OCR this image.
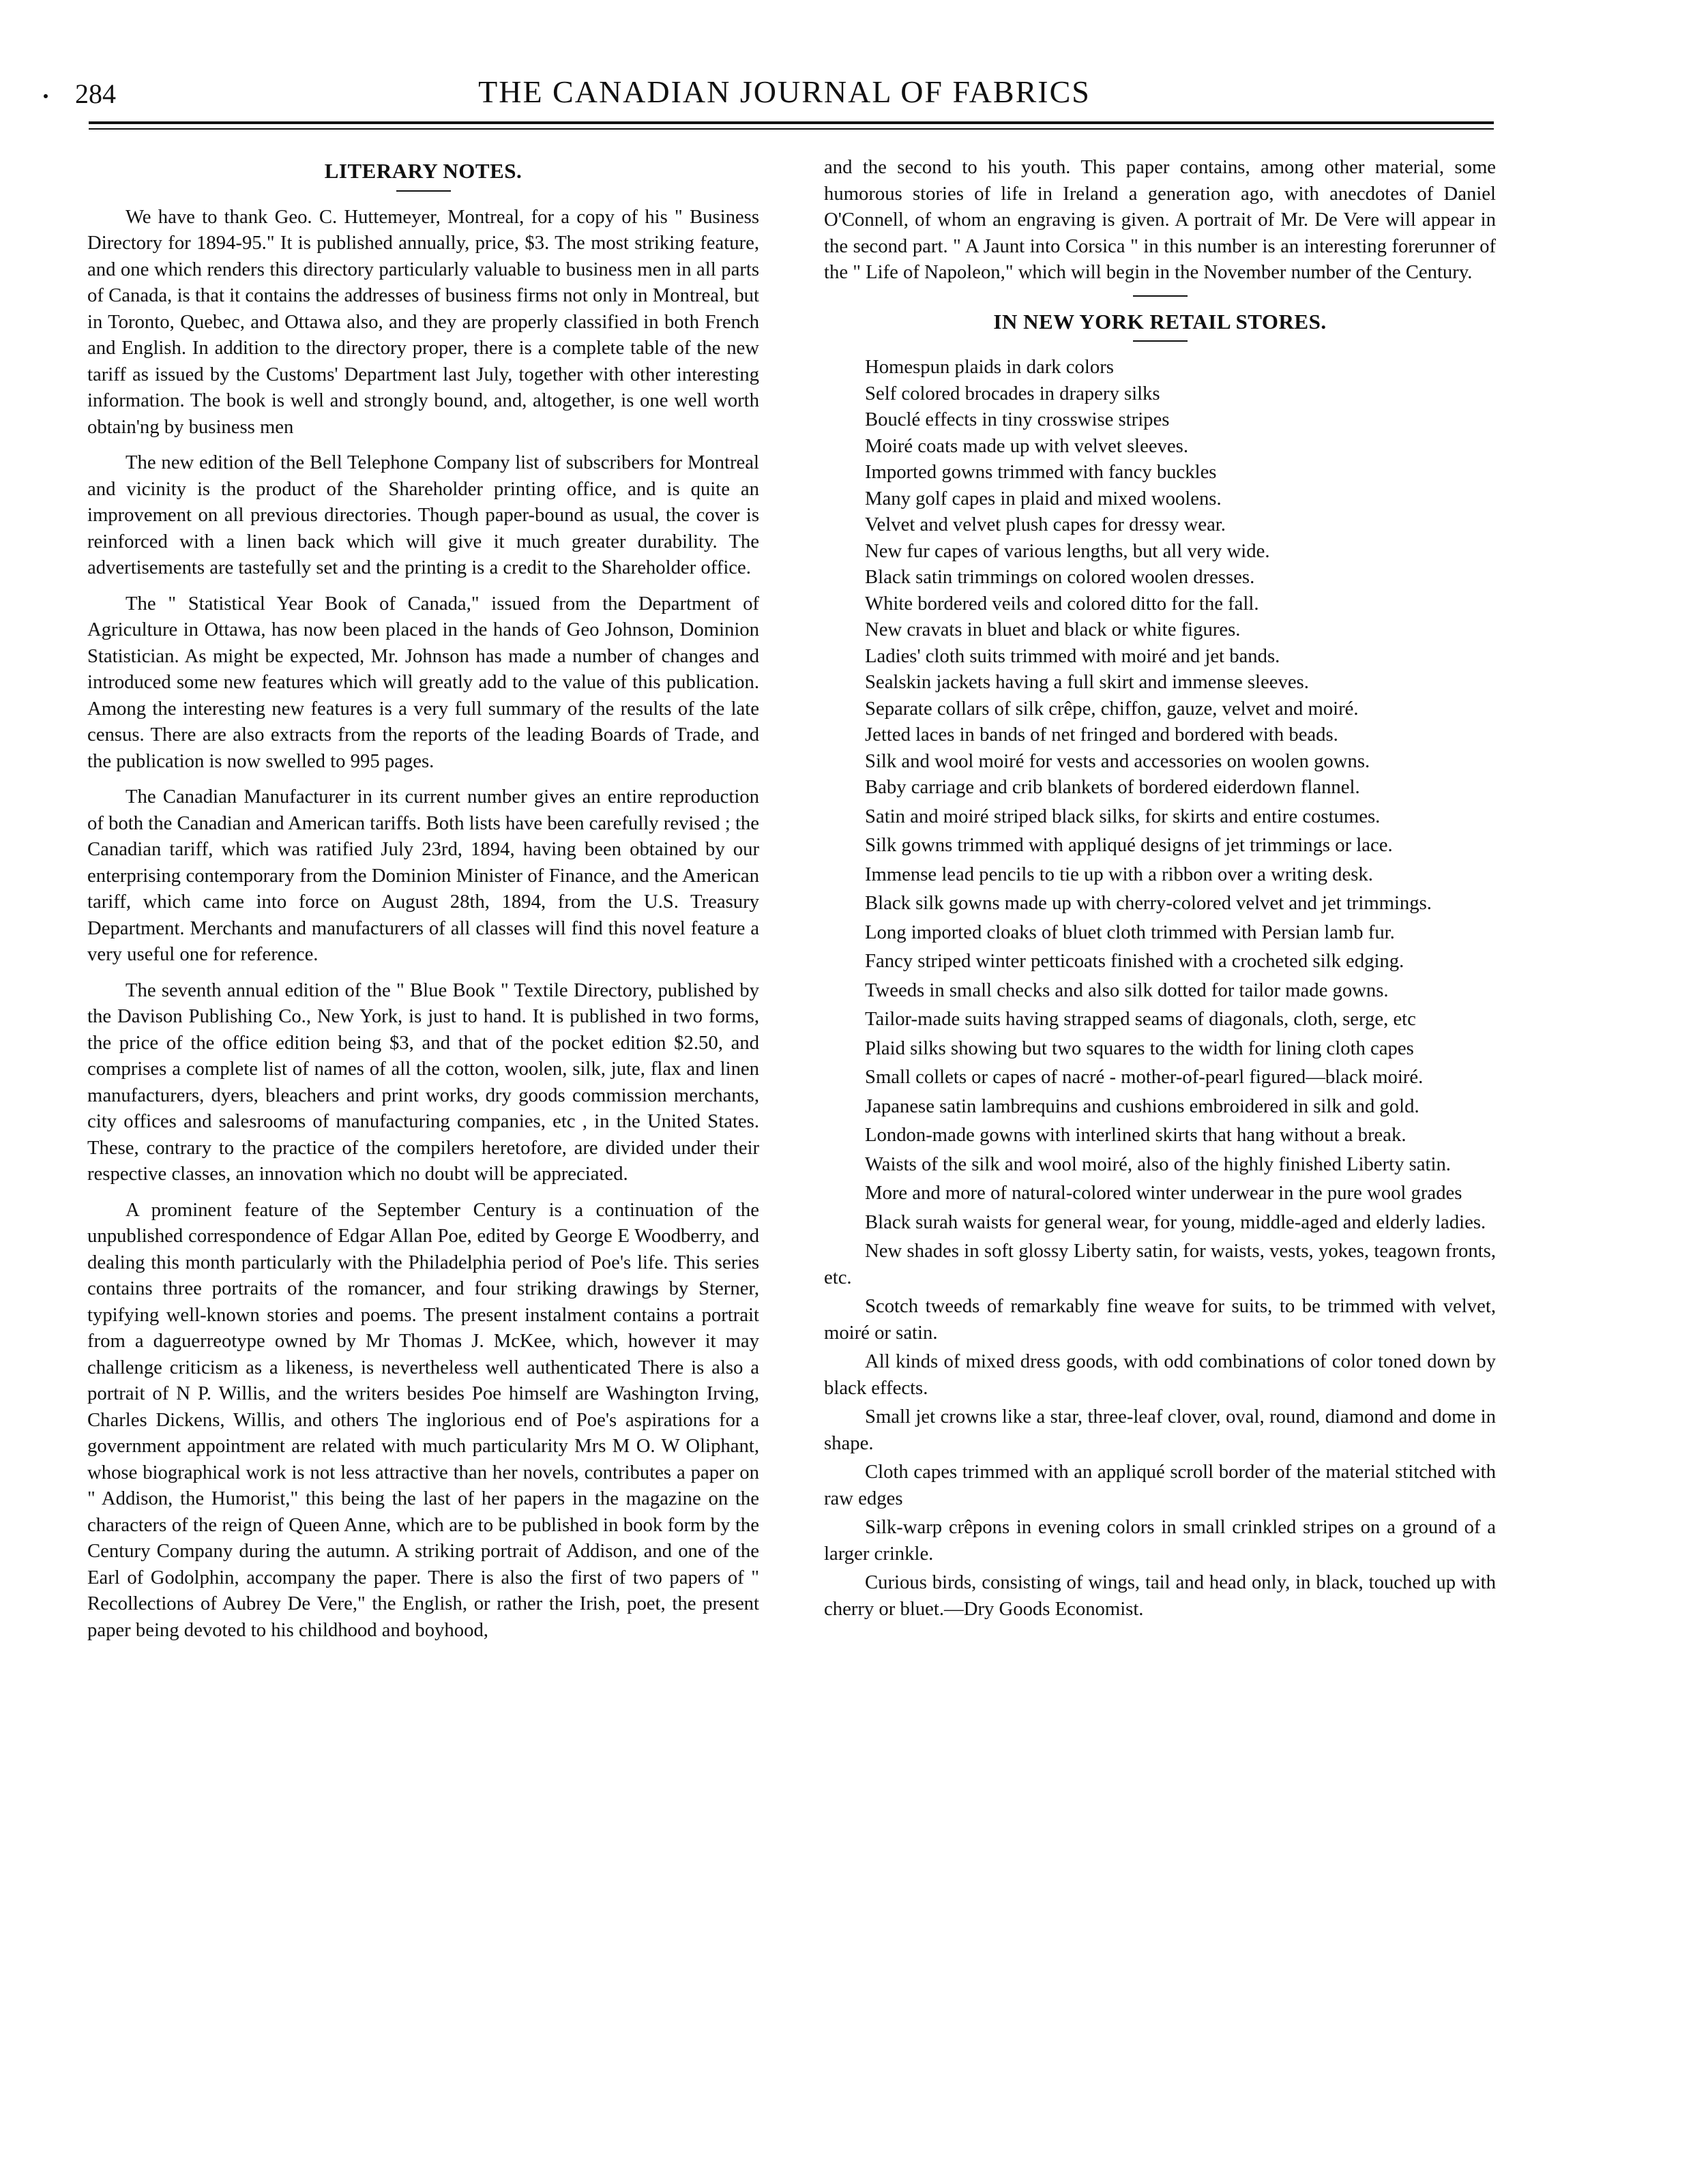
284	THE CANADIAN JOURNAL OF FABRICS
LITERARY NOTES.

We have to thank Geo. C. Huttemeyer, Montreal, for a copy of his " Business Directory for 1894-95." It is published annually, price, $3. The most striking feature, and one which renders this directory particularly valuable to business men in all parts of Canada, is that it contains the addresses of business firms not only in Montreal, but in Toronto, Quebec, and Ottawa also, and they are properly classified in both French and English. In addition to the directory proper, there is a complete table of the new tariff as issued by the Customs' Department last July, together with other interesting information. The book is well and strongly bound, and, altogether, is one well worth obtain'ng by business men

The new edition of the Bell Telephone Company list of subscribers for Montreal and vicinity is the product of the Shareholder printing office, and is quite an improvement on all previous directories. Though paper-bound as usual, the cover is reinforced with a linen back which will give it much greater durability. The advertisements are tastefully set and the printing is a credit to the Shareholder office.

The " Statistical Year Book of Canada," issued from the Department of Agriculture in Ottawa, has now been placed in the hands of Geo Johnson, Dominion Statistician. As might be expected, Mr. Johnson has made a number of changes and introduced some new features which will greatly add to the value of this publication. Among the interesting new features is a very full summary of the results of the late census. There are also extracts from the reports of the leading Boards of Trade, and the publication is now swelled to 995 pages.

The Canadian Manufacturer in its current number gives an entire reproduction of both the Canadian and American tariffs. Both lists have been carefully revised ; the Canadian tariff, which was ratified July 23rd, 1894, having been obtained by our enterprising contemporary from the Dominion Minister of Finance, and the American tariff, which came into force on August 28th, 1894, from the U.S. Treasury Department. Merchants and manufacturers of all classes will find this novel feature a very useful one for reference.

The seventh annual edition of the " Blue Book " Textile Directory, published by the Davison Publishing Co., New York, is just to hand. It is published in two forms, the price of the office edition being $3, and that of the pocket edition $2.50, and comprises a complete list of names of all the cotton, woolen, silk, jute, flax and linen manufacturers, dyers, bleachers and print works, dry goods commission merchants, city offices and salesrooms of manufacturing companies, etc , in the United States. These, contrary to the practice of the compilers heretofore, are divided under their respective classes, an innovation which no doubt will be appreciated.

A prominent feature of the September Century is a continuation of the unpublished correspondence of Edgar Allan Poe, edited by George E Woodberry, and dealing this month particularly with the Philadelphia period of Poe's life. This series contains three portraits of the romancer, and four striking drawings by Sterner, typifying well-known stories and poems. The present instalment contains a portrait from a daguerreotype owned by Mr Thomas J. McKee, which, however it may challenge criticism as a likeness, is nevertheless well authenticated There is also a portrait of N P. Willis, and the writers besides Poe himself are Washington Irving, Charles Dickens, Willis, and others The inglorious end of Poe's aspirations for a government appointment are related with much particularity Mrs M O. W Oliphant, whose biographical work is not less attractive than her novels, contributes a paper on " Addison, the Humorist," this being the last of her papers in the magazine on the characters of the reign of Queen Anne, which are to be published in book form by the Century Company during the autumn. A striking portrait of Addison, and one of the Earl of Godolphin, accompany the paper. There is also the first of two papers of " Recollections of Aubrey De Vere," the English, or rather the Irish, poet, the present paper being devoted to his childhood and boyhood,

and the second to his youth. This paper contains, among other material, some humorous stories of life in Ireland a generation ago, with anecdotes of Daniel O'Connell, of whom an engraving is given. A portrait of Mr. De Vere will appear in the second part. " A Jaunt into Corsica " in this number is an interesting forerunner of the " Life of Napoleon," which will begin in the November number of the Century.

IN NEW YORK RETAIL STORES.
Homespun plaids in dark colors
Self colored brocades in drapery silks
Bouclé effects in tiny crosswise stripes
Moiré coats made up with velvet sleeves.
Imported gowns trimmed with fancy buckles
Many golf capes in plaid and mixed woolens.
Velvet and velvet plush capes for dressy wear.
New fur capes of various lengths, but all very wide.
Black satin trimmings on colored woolen dresses.
White bordered veils and colored ditto for the fall.
New cravats in bluet and black or white figures.
Ladies' cloth suits trimmed with moiré and jet bands.
Sealskin jackets having a full skirt and immense sleeves.
Separate collars of silk crêpe, chiffon, gauze, velvet and moiré.
Jetted laces in bands of net fringed and bordered with beads.
Silk and wool moiré for vests and accessories on woolen gowns.
Baby carriage and crib blankets of bordered eiderdown flannel.
Satin and moiré striped black silks, for skirts and entire costumes.
Silk gowns trimmed with appliqué designs of jet trimmings or lace.
Immense lead pencils to tie up with a ribbon over a writing desk.
Black silk gowns made up with cherry-colored velvet and jet trimmings.
Long imported cloaks of bluet cloth trimmed with Persian lamb fur.
Fancy striped winter petticoats finished with a crocheted silk edging.
Tweeds in small checks and also silk dotted for tailor made gowns.
Tailor-made suits having strapped seams of diagonals, cloth, serge, etc
Plaid silks showing but two squares to the width for lining cloth capes
Small collets or capes of nacré - mother-of-pearl figured—black moiré.
Japanese satin lambrequins and cushions embroidered in silk and gold.
London-made gowns with interlined skirts that hang without a break.
Waists of the silk and wool moiré, also of the highly finished Liberty satin.
More and more of natural-colored winter underwear in the pure wool grades
Black surah waists for general wear, for young, middle-aged and elderly ladies.
New shades in soft glossy Liberty satin, for waists, vests, yokes, teagown fronts, etc.
Scotch tweeds of remarkably fine weave for suits, to be trimmed with velvet, moiré or satin.
All kinds of mixed dress goods, with odd combinations of color toned down by black effects.
Small jet crowns like a star, three-leaf clover, oval, round, diamond and dome in shape.
Cloth capes trimmed with an appliqué scroll border of the material stitched with raw edges
Silk-warp crêpons in evening colors in small crinkled stripes on a ground of a larger crinkle.
Curious birds, consisting of wings, tail and head only, in black, touched up with cherry or bluet.—Dry Goods Economist.
